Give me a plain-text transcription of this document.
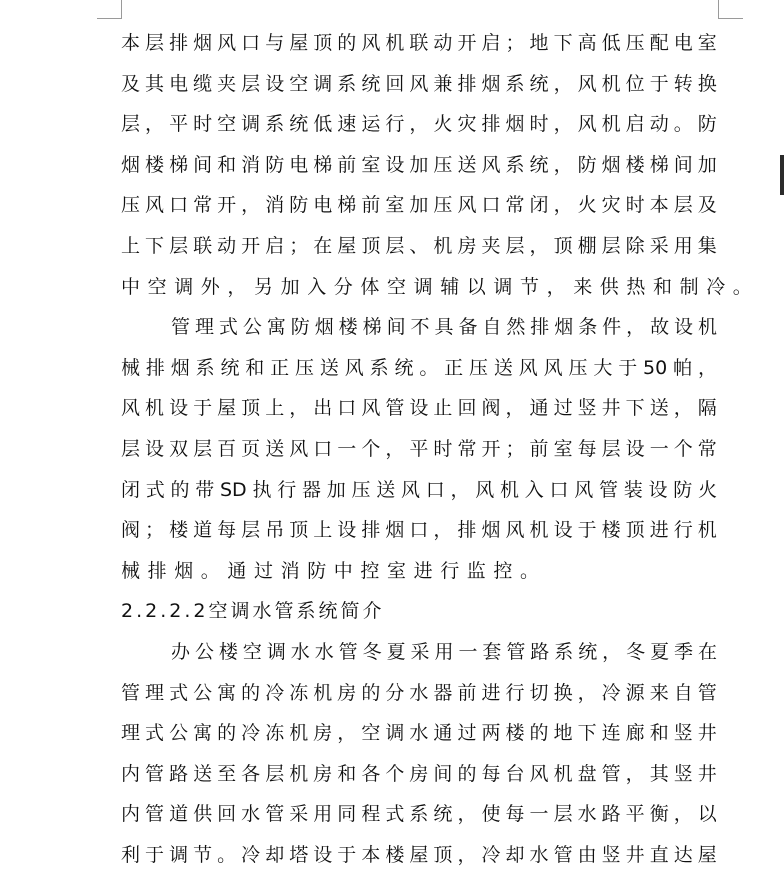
本 层 排 烟 风 口 与 屋 顶 的 风 机 联 动 开 启 ； 地 下 高 低 压 配 电 室
及 其 电 缆 夹 层 设 空 调 系 统 回 风 兼 排 烟 系 统 ， 风 机 位 于 转 换
层 ， 平 时 空 调 系 统 低 速 运 行 ， 火 灾 排 烟 时 ， 风 机 启 动 。 防
烟 楼 梯 间 和 消 防 电 梯 前 室 设 加 压 送 风 系 统 ， 防 烟 楼 梯 间 加
压 风 口 常 开 ， 消 防 电 梯 前 室 加 压 风 口 常 闭 ， 火 灾 时 本 层 及
上 下 层 联 动 开 启 ； 在 屋 顶 层 、 机 房 夹 层 ， 顶 棚 层 除 采 用 集
中空调外，另加入分体空调辅以调节，来供热和制冷。
管 理 式 公 寓 防 烟 楼 梯 间 不 具 备 自 然 排 烟 条 件 ， 故 设 机
械 排 烟 系 统 和 正 压 送 风 系 统 。 正 压 送 风 风 压 大 于 50 帕 ，
风 机 设 于 屋 顶 上 ， 出 口 风 管 设 止 回 阀 ， 通 过 竖 井 下 送 ， 隔
层 设 双 层 百 页 送 风 口 一 个 ， 平 时 常 开 ； 前 室 每 层 设 一 个 常
闭 式 的 带 SD 执 行 器 加 压 送 风 口 ， 风 机 入 口 风 管 装 设 防 火
阀 ； 楼 道 每 层 吊 顶 上 设 排 烟 口 ， 排 烟 风 机 设 于 楼 顶 进 行 机
械排烟。通过消防中控室进行监控。
2.2.2.2空调水管系统简介
办 公 楼 空 调 水 水 管 冬 夏 采 用 一 套 管 路 系 统 ， 冬 夏 季 在
管 理 式 公 寓 的 冷 冻 机 房 的 分 水 器 前 进 行 切 换 ， 冷 源 来 自 管
理 式 公 寓 的 冷 冻 机 房 ， 空 调 水 通 过 两 楼 的 地 下 连 廊 和 竖 井
内 管 路 送 至 各 层 机 房 和 各 个 房 间 的 每 台 风 机 盘 管 ， 其 竖 井
内 管 道 供 回 水 管 采 用 同 程 式 系 统 ， 使 每 一 层 水 路 平 衡 ， 以
利 于 调 节 。 冷 却 塔 设 于 本 楼 屋 顶 ， 冷 却 水 管 由 竖 井 直 达 屋
